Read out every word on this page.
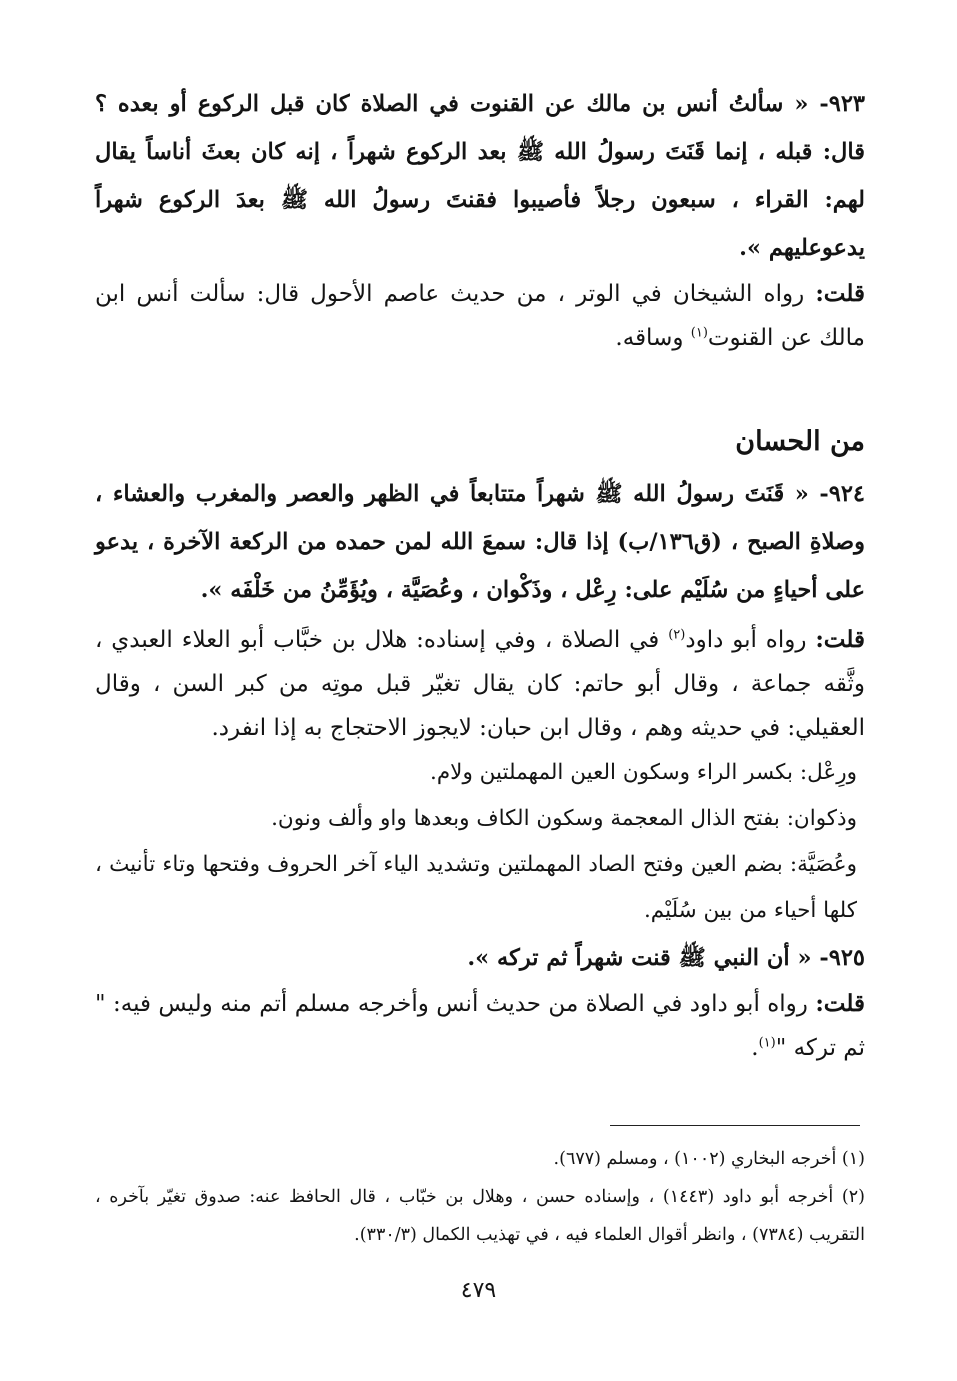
٩٢٣- « سألتُ أنس بن مالك عن القنوت في الصلاة كان قبل الركوع أو بعده ؟ قال: قبله ، إنما قَنَتَ رسولُ الله ﷺ بعد الركوع شهراً ، إنه كان بعثَ أناساً يقال لهم: القراء ، سبعون رجلاً فأصيبوا فقنتَ رسولُ الله ﷺ بعدَ الركوع شهراً يدعوعليهم ».

قلت: رواه الشيخان في الوتر ، من حديث عاصم الأحول قال: سألت أنس ابن مالك عن القنوت$^{(١)}$ وساقه.

من الحسان

٩٢٤- « قَنَتَ رسولُ الله ﷺ شهراً متتابعاً في الظهر والعصر والمغرب والعشاء ، وصلاةِ الصبح ، (ق١٣٦/ب) إذا قال: سمعَ الله لمن حمده من الركعة الآخرة ، يدعو على أحياءٍ من سُلَيْم على: رِعْل ، وذَكْوان ، وعُصَيَّة ، ويُؤَمِّنُ من خَلْفَه ».

قلت: رواه أبو داود$^{(٢)}$ في الصلاة ، وفي إسناده: هلال بن خبَّاب أبو العلاء العبدي ، وثَّقه جماعة ، وقال أبو حاتم: كان يقال تغيّر قبل موتِه من كبر السن ، وقال العقيلي: في حديثه وهم ، وقال ابن حبان: لايجوز الاحتجاج به إذا انفرد.

ورِعْل: بكسر الراء وسكون العين المهملتين ولام.

وذكوان: بفتح الذال المعجمة وسكون الكاف وبعدها واو وألف ونون.

وعُصَيَّة: بضم العين وفتح الصاد المهملتين وتشديد الياء آخر الحروف وفتحها وتاء تأنيث ، كلها أحياء من بين سُلَيْم.

٩٢٥- « أن النبي ﷺ قنت شهراً ثم تركه ».

قلت: رواه أبو داود في الصلاة من حديث أنس وأخرجه مسلم أتم منه وليس فيه: " ثم تركه "$^{(١)}$.

(١) أخرجه البخاري (١٠٠٢) ، ومسلم (٦٧٧).

(٢) أخرجه أبو داود (١٤٤٣) ، وإسناده حسن ، وهلال بن خبّاب ، قال الحافظ عنه: صدوق تغيّر بآخره ، التقريب (٧٣٨٤) ، وانظر أقوال العلماء فيه ، في تهذيب الكمال (٣٣٠/٣).

٤٧٩
